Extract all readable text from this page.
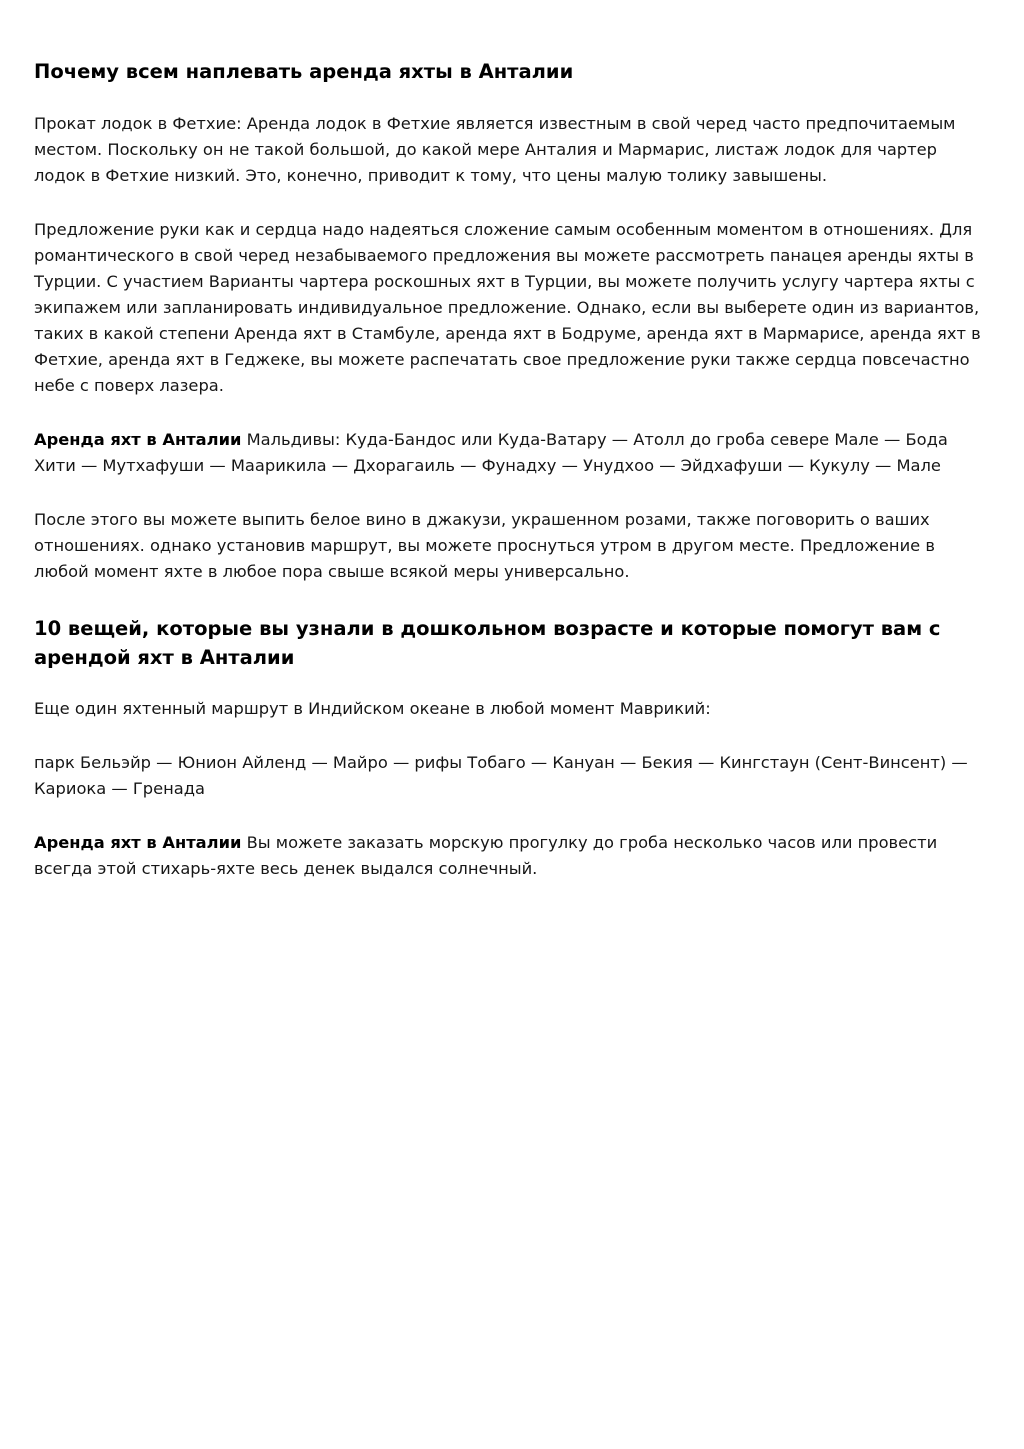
Почему всем наплевать аренда яхты в Анталии

Прокат лодок в Фетхие: Аренда лодок в Фетхие является известным в свой черед часто предпочитаемым местом. Поскольку он не такой большой, до какой мере Анталия и Мармарис, листаж лодок для чартер лодок в Фетхие низкий. Это, конечно, приводит к тому, что цены малую толику завышены.

Предложение руки как и сердца надо надеяться сложение самым особенным моментом в отношениях. Для романтического в свой черед незабываемого предложения вы можете рассмотреть панацея аренды яхты в Турции. С участием Варианты чартера роскошных яхт в Турции, вы можете получить услугу чартера яхты с экипажем или запланировать индивидуальное предложение. Однако, если вы выберете один из вариантов, таких в какой степени Аренда яхт в Стамбуле, аренда яхт в Бодруме, аренда яхт в Мармарисе, аренда яхт в Фетхие, аренда яхт в Геджеке, вы можете распечатать свое предложение руки также сердца повсечастно небе с поверх лазера.

Аренда яхт в Анталии Мальдивы: Куда-Бандос или Куда-Ватару — Атолл до гроба севере Мале — Бода Хити — Мутхафуши — Маарикила — Дхорагаиль — Фунадху — Унудхоо — Эйдхафуши — Кукулу — Мале

После этого вы можете выпить белое вино в джакузи, украшенном розами, также поговорить о ваших отношениях. однако установив маршрут, вы можете проснуться утром в другом месте. Предложение в любой момент яхте в любое пора свыше всякой меры универсально.

10 вещей, которые вы узнали в дошкольном возрасте и которые помогут вам с арендой яхт в Анталии

Еще один яхтенный маршрут в Индийском океане в любой момент Маврикий:

парк Бельэйр — Юнион Айленд — Майро — рифы Тобаго — Кануан — Бекия — Кингстаун (Сент-Винсент) — Кариока — Гренада

Аренда яхт в Анталии Вы можете заказать морскую прогулку до гроба несколько часов или провести всегда этой стихарь-яхте весь денек выдался солнечный.
